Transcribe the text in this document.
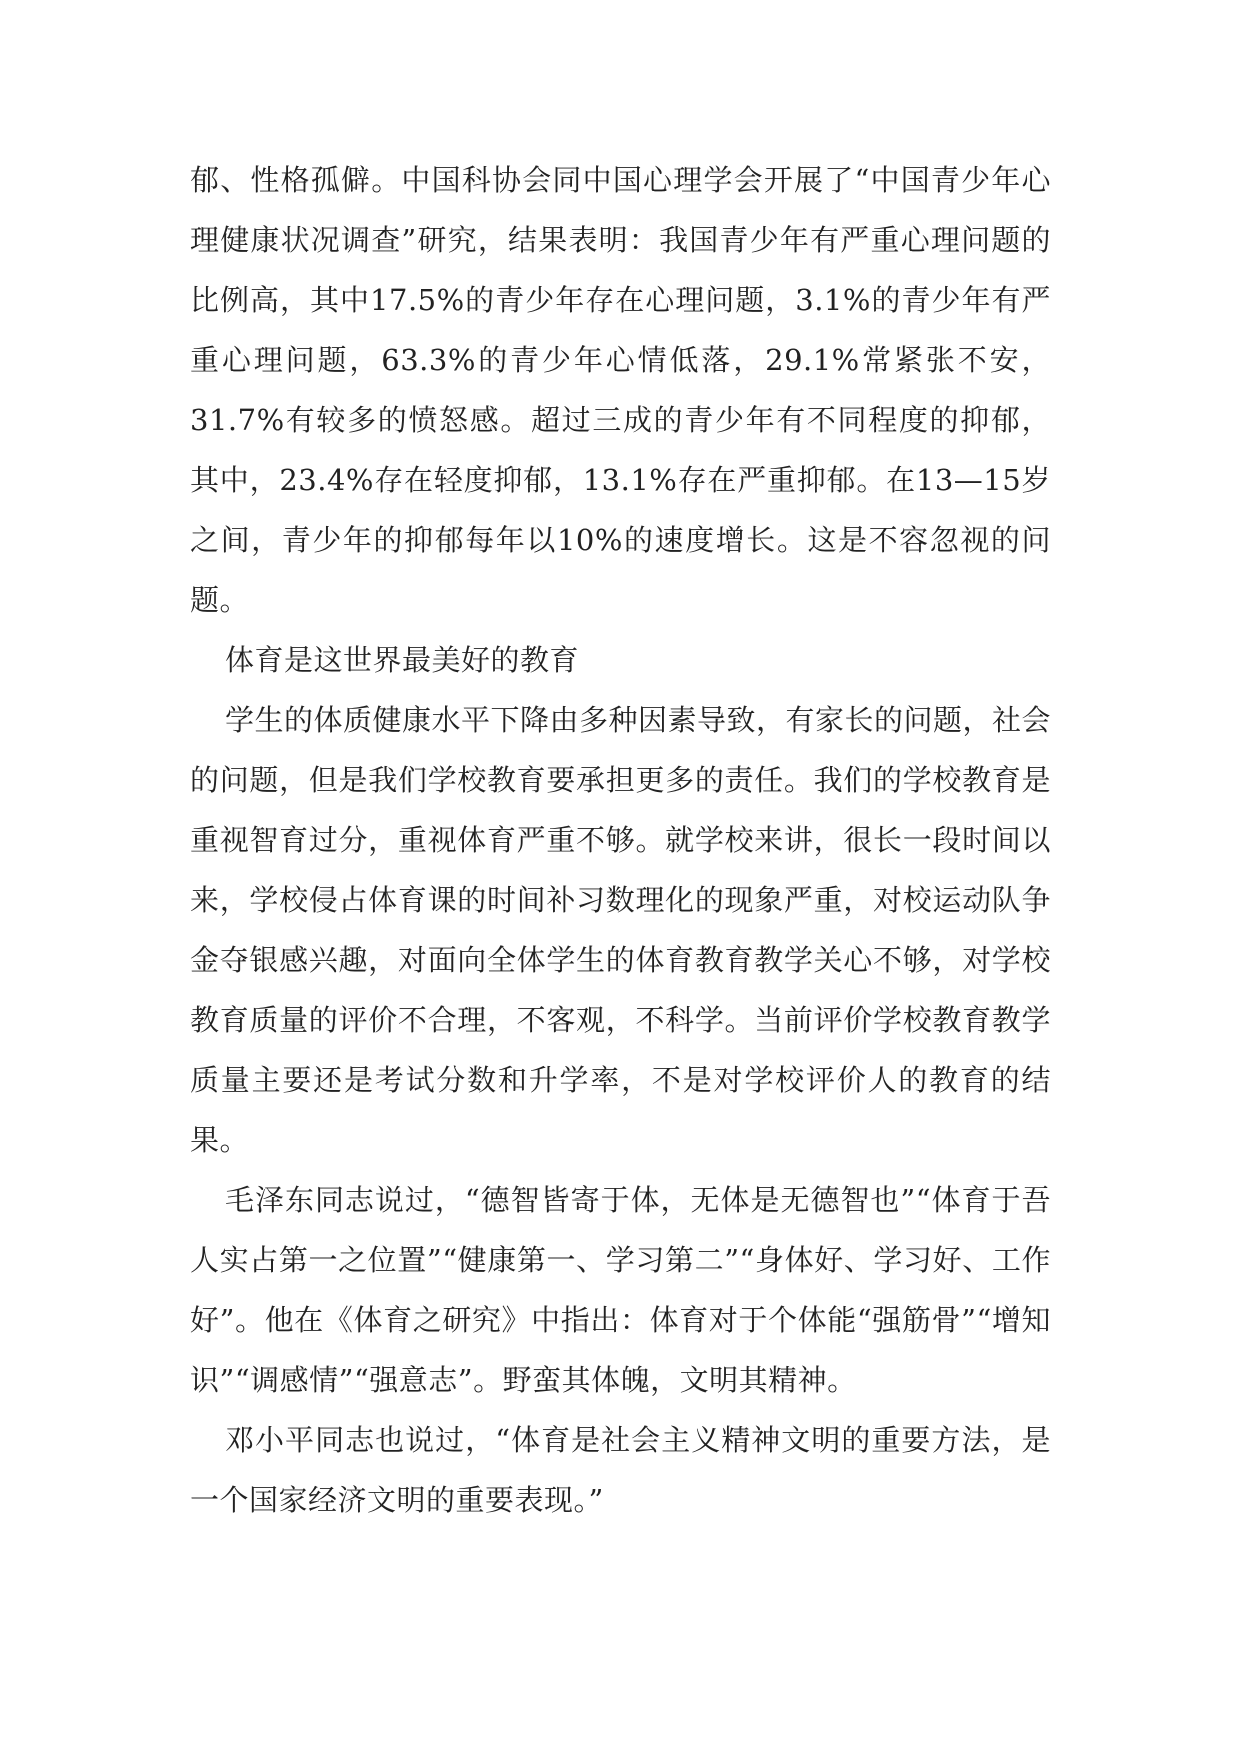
郁、性格孤僻。中国科协会同中国心理学会开展了“中国青少年心理健康状况调查”研究，结果表明：我国青少年有严重心理问题的比例高，其中17.5%的青少年存在心理问题，3.1%的青少年有严重心理问题，63.3%的青少年心情低落，29.1%常紧张不安，31.7%有较多的愤怒感。超过三成的青少年有不同程度的抑郁，其中，23.4%存在轻度抑郁，13.1%存在严重抑郁。在13—15岁之间，青少年的抑郁每年以10%的速度增长。这是不容忽视的问题。

体育是这世界最美好的教育

学生的体质健康水平下降由多种因素导致，有家长的问题，社会的问题，但是我们学校教育要承担更多的责任。我们的学校教育是重视智育过分，重视体育严重不够。就学校来讲，很长一段时间以来，学校侵占体育课的时间补习数理化的现象严重，对校运动队争金夺银感兴趣，对面向全体学生的体育教育教学关心不够，对学校教育质量的评价不合理，不客观，不科学。当前评价学校教育教学质量主要还是考试分数和升学率，不是对学校评价人的教育的结果。

毛泽东同志说过，“德智皆寄于体，无体是无德智也”“体育于吾人实占第一之位置”“健康第一、学习第二”“身体好、学习好、工作好”。他在《体育之研究》中指出：体育对于个体能“强筋骨”“增知识”“调感情”“强意志”。野蛮其体魄，文明其精神。

邓小平同志也说过，“体育是社会主义精神文明的重要方法，是一个国家经济文明的重要表现。”
